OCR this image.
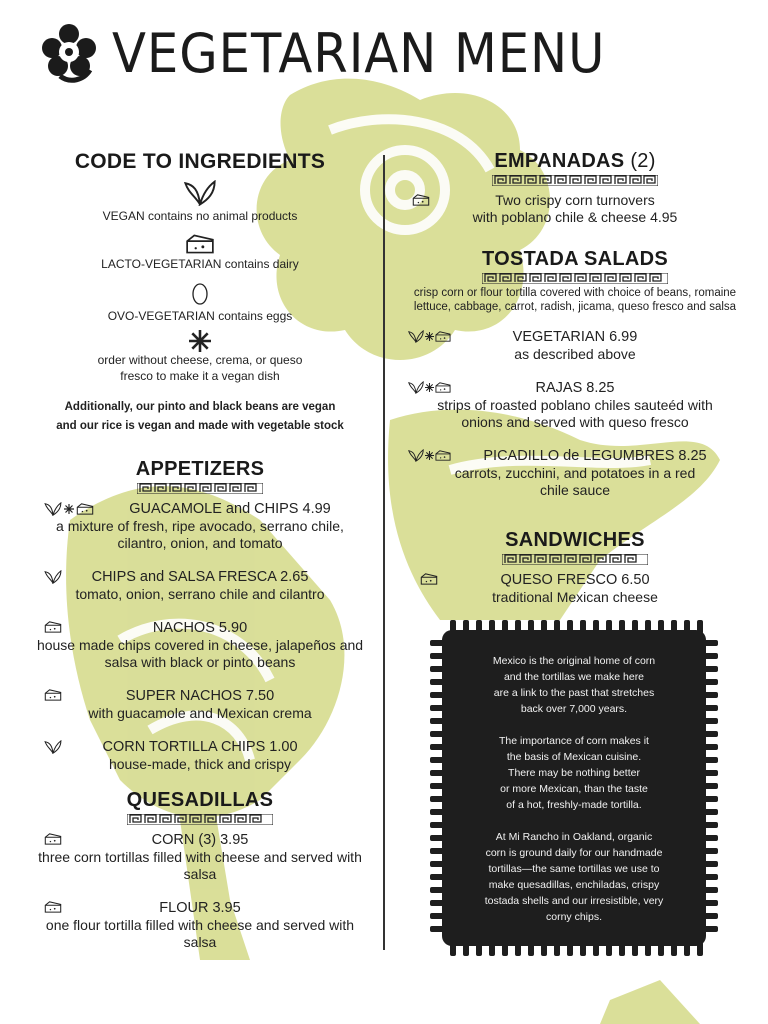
VEGETARIAN MENU
CODE TO INGREDIENTS
VEGAN contains no animal products
LACTO-VEGETARIAN contains dairy
OVO-VEGETARIAN contains eggs
order without cheese, crema, or queso
fresco to make it a vegan dish
Additionally, our pinto and black beans are vegan
and our rice is vegan and made with vegetable stock
APPETIZERS
GUACAMOLE and CHIPS 4.99
a mixture of fresh, ripe avocado, serrano chile, cilantro, onion, and tomato
CHIPS and SALSA FRESCA 2.65
tomato, onion, serrano chile and cilantro
NACHOS 5.90
house made chips covered in cheese, jalapeños and salsa with black or pinto beans
SUPER NACHOS 7.50
with guacamole and Mexican crema
CORN TORTILLA CHIPS 1.00
house-made, thick and crispy
QUESADILLAS
CORN (3) 3.95
three corn tortillas filled with cheese and served with salsa
FLOUR 3.95
one flour tortilla filled with cheese and served with salsa
EMPANADAS (2)
Two crispy corn turnovers
with poblano chile & cheese 4.95
TOSTADA SALADS
crisp corn or flour tortilla covered with choice of beans, romaine lettuce, cabbage, carrot, radish, jicama, queso fresco and salsa
VEGETARIAN 6.99
as described above
RAJAS 8.25
strips of roasted poblano chiles sauteéd with onions and served with queso fresco
PICADILLO de LEGUMBRES 8.25
carrots, zucchini, and potatoes in a red chile sauce
SANDWICHES
QUESO FRESCO 6.50
traditional Mexican cheese

Mexico is the original home of corn
and the tortillas we make here
are a link to the past that stretches
back over 7,000 years.

The importance of corn makes it
the basis of Mexican cuisine.
There may be nothing better
or more Mexican, than the taste
of a hot, freshly-made tortilla.

At Mi Rancho in Oakland, organic
corn is ground daily for our handmade
tortillas—the same tortillas we use to
make quesadillas, enchiladas, crispy
tostada shells and our irresistible, very
corny chips.
